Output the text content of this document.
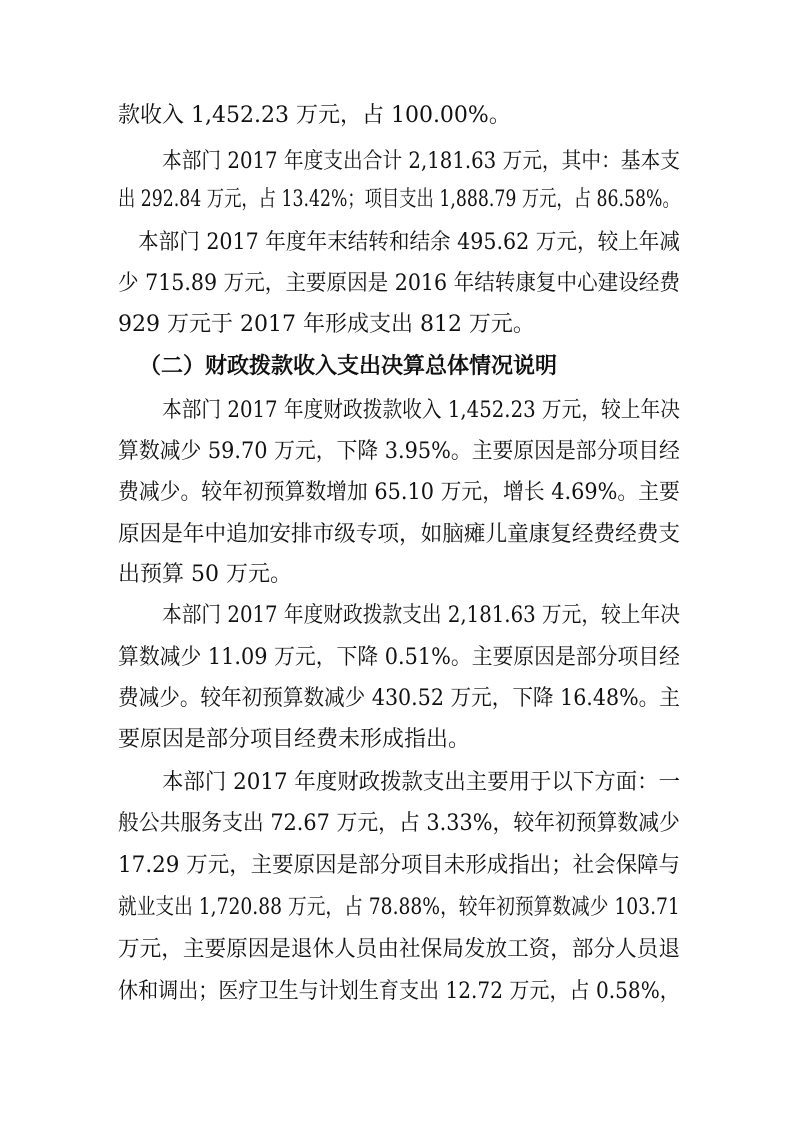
款收入 1,452.23 万元，占 100.00%。
本部门 2017 年度支出合计 2,181.63 万元，其中：基本支
出 292.84 万元，占 13.42%；项目支出 1,888.79 万元，占 86.58%。
本部门 2017 年度年末结转和结余 495.62 万元，较上年减
少 715.89 万元，主要原因是 2016 年结转康复中心建设经费
929 万元于 2017 年形成支出 812 万元。
（二）财政拨款收入支出决算总体情况说明
本部门 2017 年度财政拨款收入 1,452.23 万元，较上年决
算数减少 59.70 万元，下降 3.95%。主要原因是部分项目经
费减少。较年初预算数增加 65.10 万元，增长 4.69%。主要
原因是年中追加安排市级专项，如脑瘫儿童康复经费经费支
出预算 50 万元。
本部门 2017 年度财政拨款支出 2,181.63 万元，较上年决
算数减少 11.09 万元，下降 0.51%。主要原因是部分项目经
费减少。较年初预算数减少 430.52 万元，下降 16.48%。主
要原因是部分项目经费未形成指出。
本部门 2017 年度财政拨款支出主要用于以下方面：一
般公共服务支出 72.67 万元，占 3.33%，较年初预算数减少
17.29 万元，主要原因是部分项目未形成指出；社会保障与
就业支出 1,720.88 万元，占 78.88%，较年初预算数减少 103.71
万元，主要原因是退休人员由社保局发放工资，部分人员退
休和调出；医疗卫生与计划生育支出 12.72 万元，占 0.58%，
